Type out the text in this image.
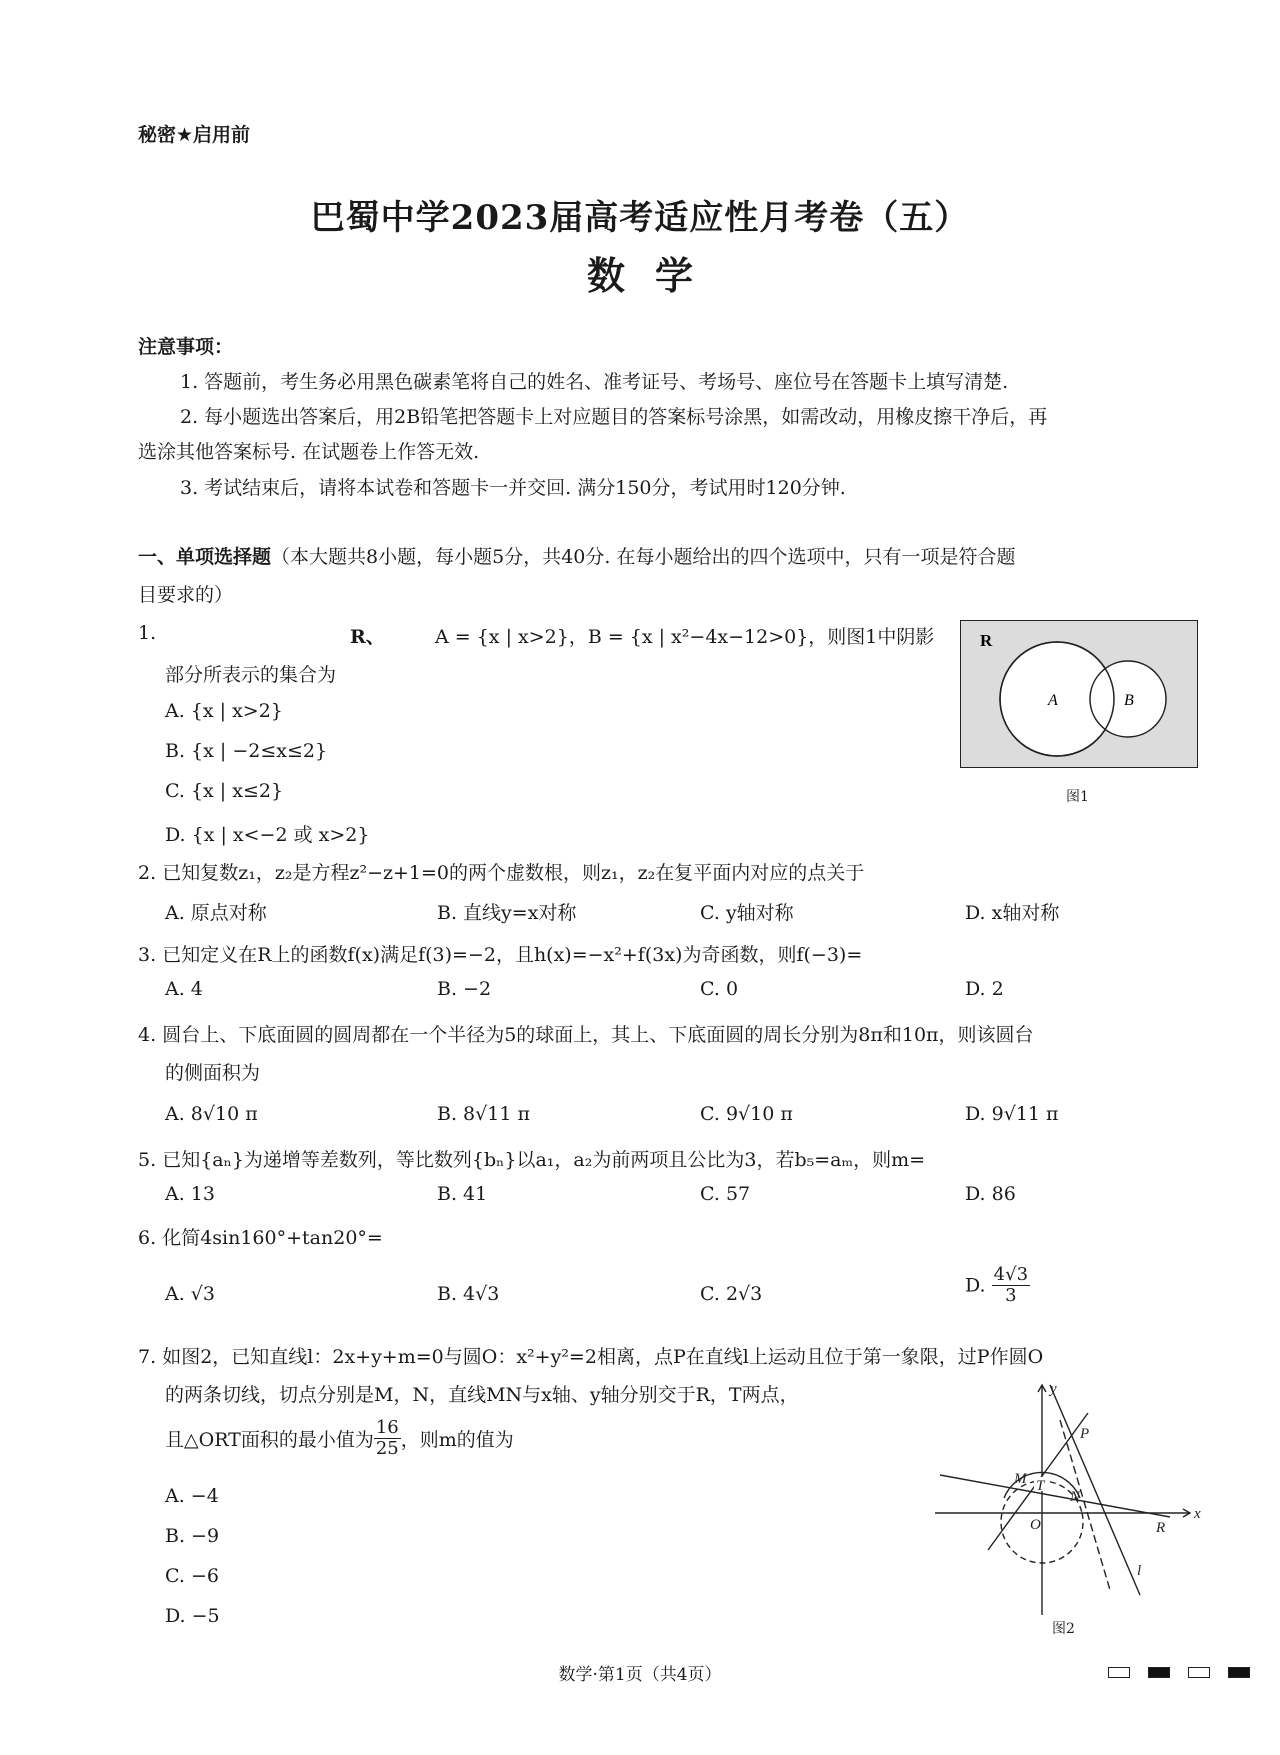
秘密★启用前
巴蜀中学2023届高考适应性月考卷（五）
数学
注意事项：
1. 答题前，考生务必用黑色碳素笔将自己的姓名、准考证号、考场号、座位号在答题卡上填写清楚.
2. 每小题选出答案后，用2B铅笔把答题卡上对应题目的答案标号涂黑，如需改动，用橡皮擦干净后，再
选涂其他答案标号. 在试题卷上作答无效.
3. 考试结束后，请将本试卷和答题卡一并交回. 满分150分，考试用时120分钟.
一、单项选择题（本大题共8小题，每小题5分，共40分. 在每小题给出的四个选项中，只有一项是符合题
目要求的）
1.	R、	A = {x | x>2}，B = {x | x²−4x−12>0}，则图1中阴影
部分所表示的集合为
A. {x | x>2}
B. {x | −2≤x≤2}
C. {x | x≤2}
D. {x | x<−2 或 x>2}
R
A	B
图1
2. 已知复数z₁，z₂是方程z²−z+1=0的两个虚数根，则z₁，z₂在复平面内对应的点关于
A. 原点对称	B. 直线y=x对称	C. y轴对称	D. x轴对称
3. 已知定义在R上的函数f(x)满足f(3)=−2，且h(x)=−x²+f(3x)为奇函数，则f(−3)=
A. 4	B. −2	C. 0	D. 2
4. 圆台上、下底面圆的圆周都在一个半径为5的球面上，其上、下底面圆的周长分别为8π和10π，则该圆台
的侧面积为
A. 8√10 π	B. 8√11 π	C. 9√10 π	D. 9√11 π
5. 已知{aₙ}为递增等差数列，等比数列{bₙ}以a₁，a₂为前两项且公比为3，若b₅=aₘ，则m=
A. 13	B. 41	C. 57	D. 86
6. 化简4sin160°+tan20°=
A. √3	B. 4√3	C. 2√3	D. $\frac{4√3}{3}$
7. 如图2，已知直线l：2x+y+m=0与圆O：x²+y²=2相离，点P在直线l上运动且位于第一象限，过P作圆O
的两条切线，切点分别是M，N，直线MN与x轴、y轴分别交于R，T两点，
且△ORT面积的最小值为 $\frac{16}{25}$ ，则m的值为
A. −4
B. −9
C. −6
D. −5
y
x
P
M T
N
O	R
l
图2
数学·第1页（共4页）
